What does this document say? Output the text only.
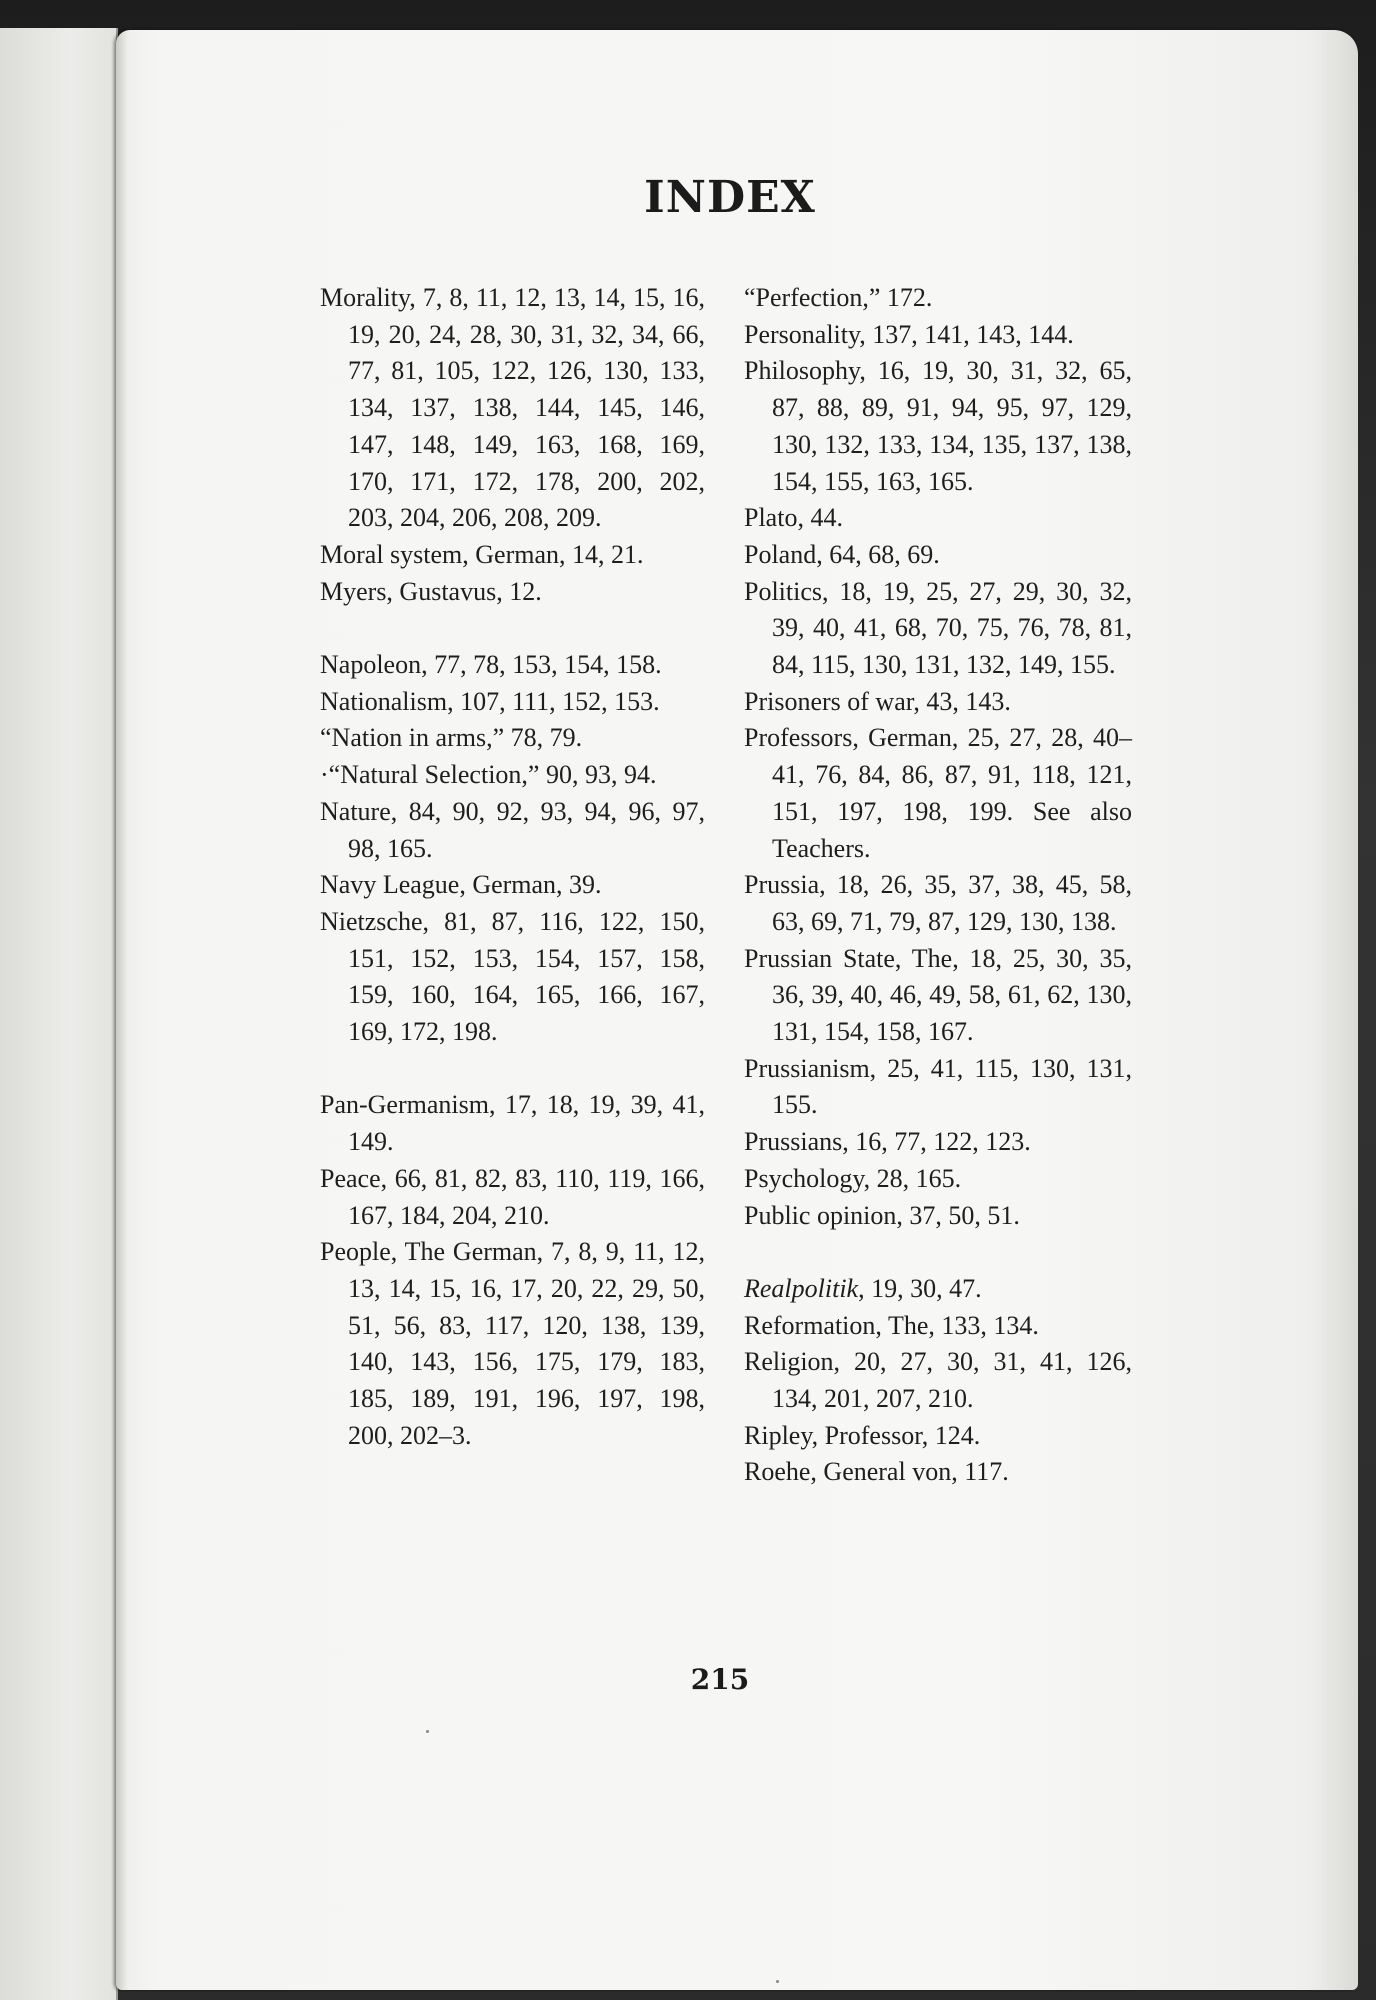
INDEX
Morality, 7, 8, 11, 12, 13, 14, 15, 16, 19, 20, 24, 28, 30, 31, 32, 34, 66, 77, 81, 105, 122, 126, 130, 133, 134, 137, 138, 144, 145, 146, 147, 148, 149, 163, 168, 169, 170, 171, 172, 178, 200, 202, 203, 204, 206, 208, 209.
Moral system, German, 14, 21.
Myers, Gustavus, 12.
Napoleon, 77, 78, 153, 154, 158.
Nationalism, 107, 111, 152, 153.
“Nation in arms,” 78, 79.
·“Natural Selection,” 90, 93, 94.
Nature, 84, 90, 92, 93, 94, 96, 97, 98, 165.
Navy League, German, 39.
Nietzsche, 81, 87, 116, 122, 150, 151, 152, 153, 154, 157, 158, 159, 160, 164, 165, 166, 167, 169, 172, 198.
Pan-Germanism, 17, 18, 19, 39, 41, 149.
Peace, 66, 81, 82, 83, 110, 119, 166, 167, 184, 204, 210.
People, The German, 7, 8, 9, 11, 12, 13, 14, 15, 16, 17, 20, 22, 29, 50, 51, 56, 83, 117, 120, 138, 139, 140, 143, 156, 175, 179, 183, 185, 189, 191, 196, 197, 198, 200, 202–3.
“Perfection,” 172.
Personality, 137, 141, 143, 144.
Philosophy, 16, 19, 30, 31, 32, 65, 87, 88, 89, 91, 94, 95, 97, 129, 130, 132, 133, 134, 135, 137, 138, 154, 155, 163, 165.
Plato, 44.
Poland, 64, 68, 69.
Politics, 18, 19, 25, 27, 29, 30, 32, 39, 40, 41, 68, 70, 75, 76, 78, 81, 84, 115, 130, 131, 132, 149, 155.
Prisoners of war, 43, 143.
Professors, German, 25, 27, 28, 40–41, 76, 84, 86, 87, 91, 118, 121, 151, 197, 198, 199. See also Teachers.
Prussia, 18, 26, 35, 37, 38, 45, 58, 63, 69, 71, 79, 87, 129, 130, 138.
Prussian State, The, 18, 25, 30, 35, 36, 39, 40, 46, 49, 58, 61, 62, 130, 131, 154, 158, 167.
Prussianism, 25, 41, 115, 130, 131, 155.
Prussians, 16, 77, 122, 123.
Psychology, 28, 165.
Public opinion, 37, 50, 51.
Realpolitik, 19, 30, 47.
Reformation, The, 133, 134.
Religion, 20, 27, 30, 31, 41, 126, 134, 201, 207, 210.
Ripley, Professor, 124.
Roehe, General von, 117.
215
